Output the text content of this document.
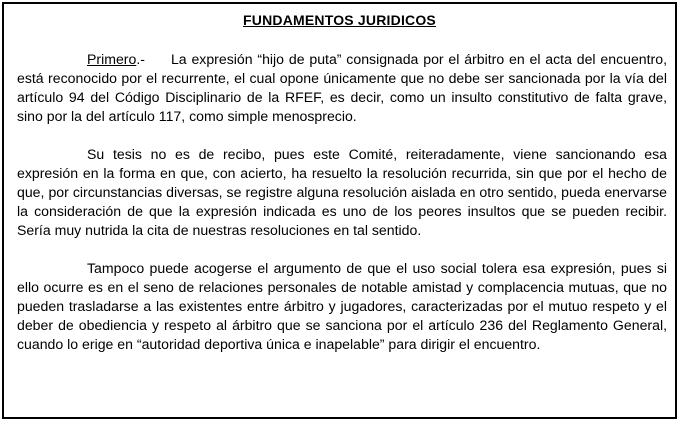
FUNDAMENTOS JURIDICOS

Primero.- La expresión “hijo de puta” consignada por el árbitro en el acta del encuentro, está reconocido por el recurrente, el cual opone únicamente que no debe ser sancionada por la vía del artículo 94 del Código Disciplinario de la RFEF, es decir, como un insulto constitutivo de falta grave, sino por la del artículo 117, como simple menosprecio.

Su tesis no es de recibo, pues este Comité, reiteradamente, viene sancionando esa expresión en la forma en que, con acierto, ha resuelto la resolución recurrida, sin que por el hecho de que, por circunstancias diversas, se registre alguna resolución aislada en otro sentido, pueda enervarse la consideración de que la expresión indicada es uno de los peores insultos que se pueden recibir. Sería muy nutrida la cita de nuestras resoluciones en tal sentido.

Tampoco puede acogerse el argumento de que el uso social tolera esa expresión, pues si ello ocurre es en el seno de relaciones personales de notable amistad y complacencia mutuas, que no pueden trasladarse a las existentes entre árbitro y jugadores, caracterizadas por el mutuo respeto y el deber de obediencia y respeto al árbitro que se sanciona por el artículo 236 del Reglamento General, cuando lo erige en “autoridad deportiva única e inapelable” para dirigir el encuentro.
